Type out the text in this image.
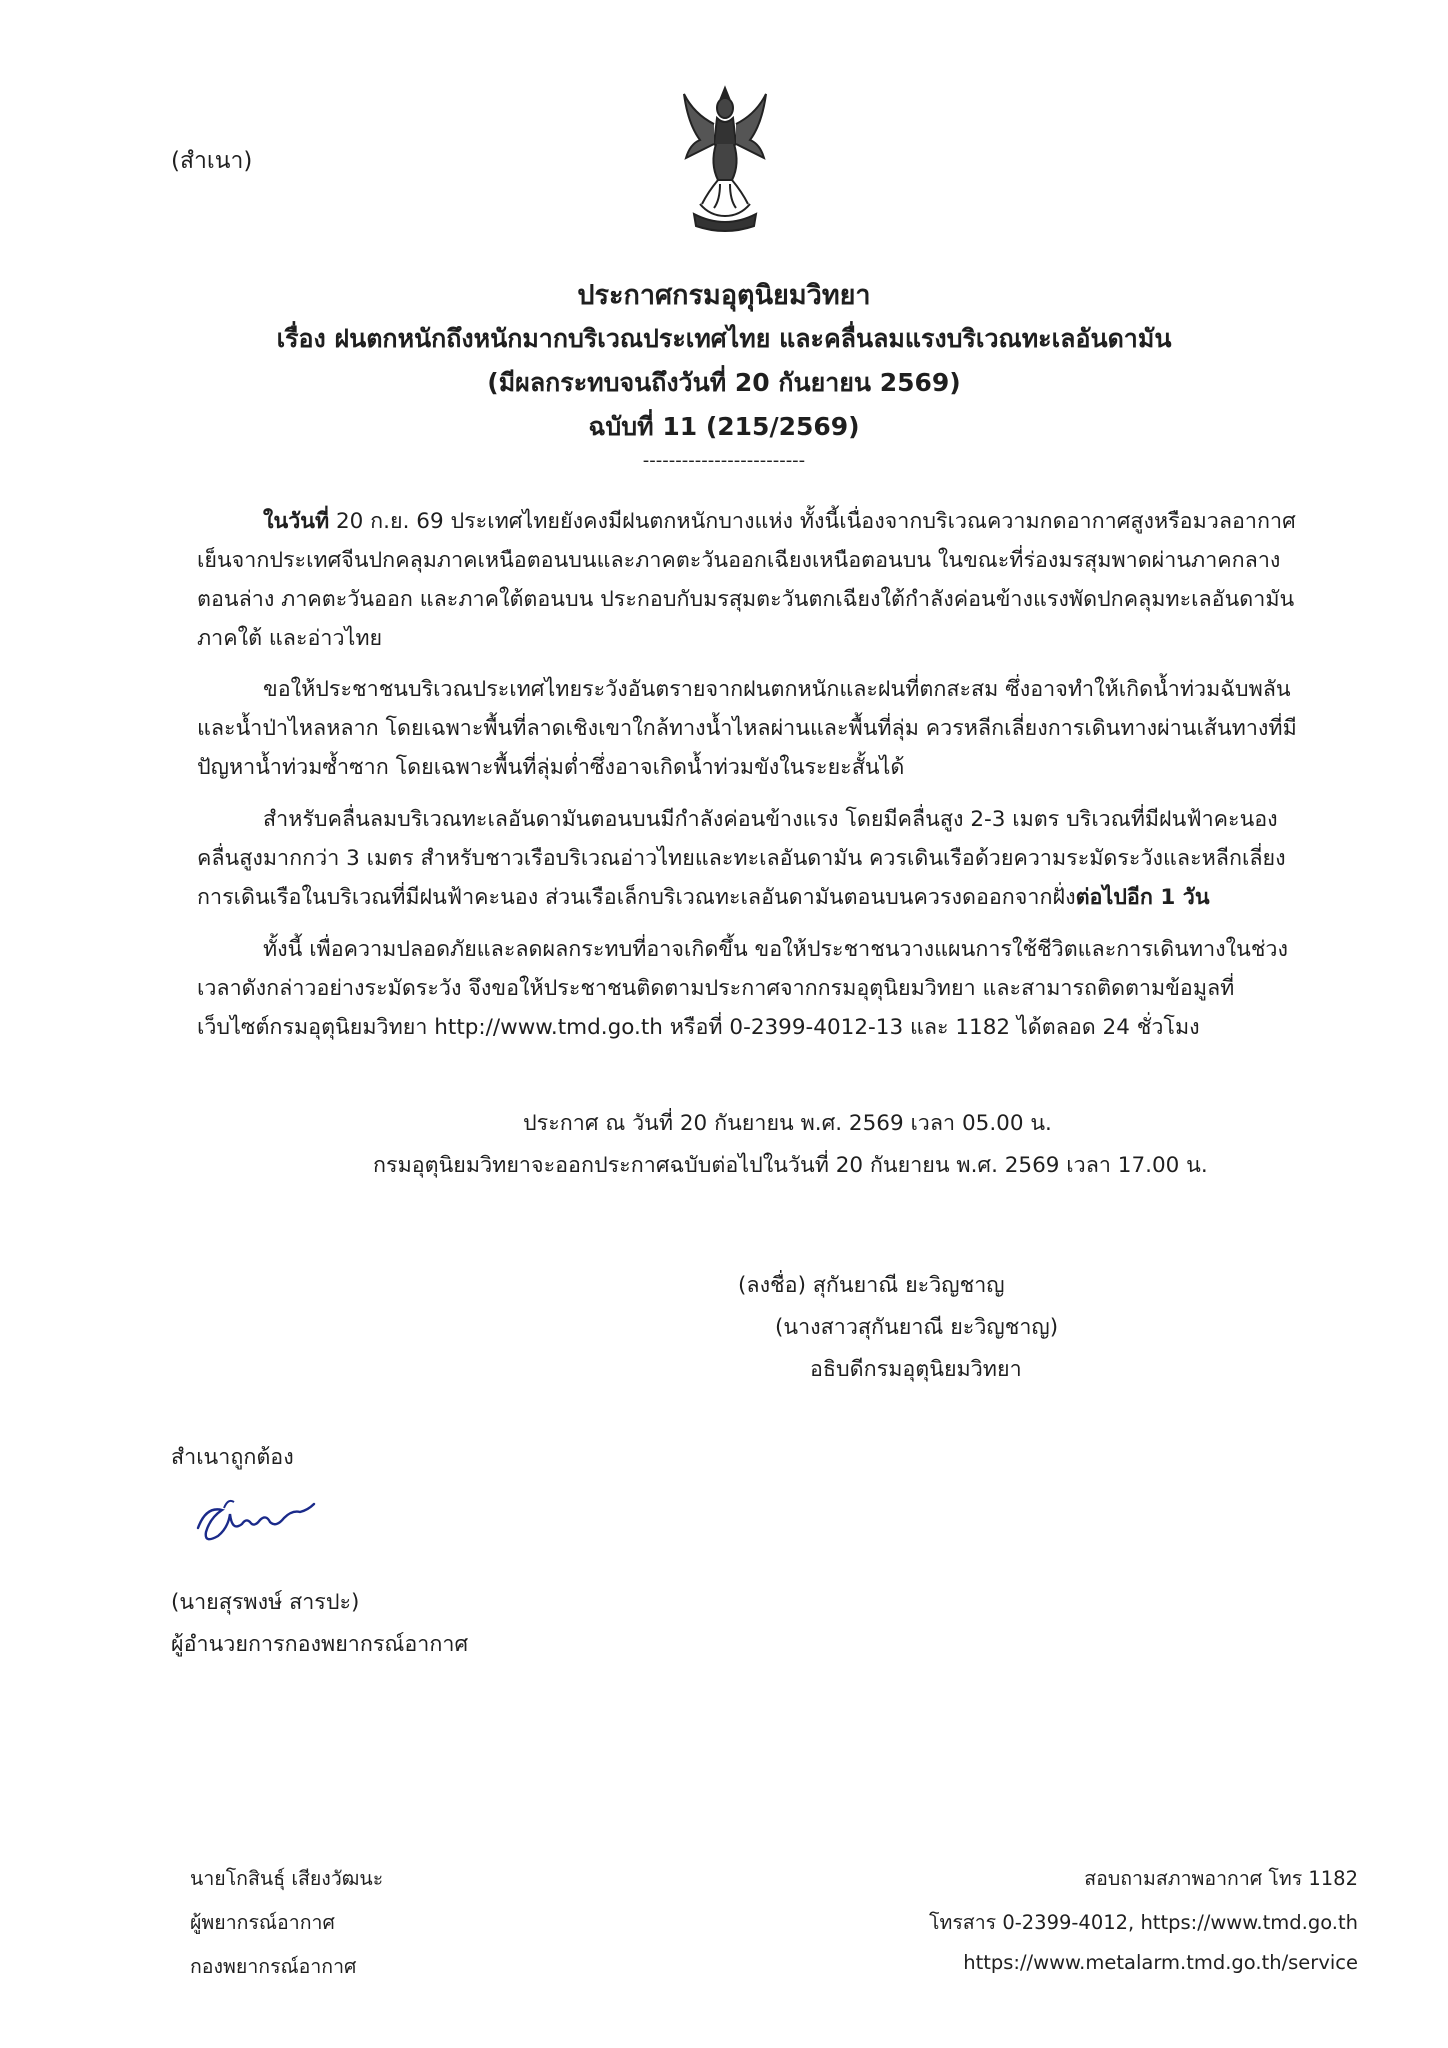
(สำเนา)
ประกาศกรมอุตุนิยมวิทยา
เรื่อง ฝนตกหนักถึงหนักมากบริเวณประเทศไทย และคลื่นลมแรงบริเวณทะเลอันดามัน
(มีผลกระทบจนถึงวันที่ 20 กันยายน 2569)
ฉบับที่ 11 (215/2569)
-------------------------

ในวันที่ 20 ก.ย. 69 ประเทศไทยยังคงมีฝนตกหนักบางแห่ง ทั้งนี้เนื่องจากบริเวณความกดอากาศสูงหรือมวลอากาศเย็นจากประเทศจีนปกคลุมภาคเหนือตอนบนและภาคตะวันออกเฉียงเหนือตอนบน ในขณะที่ร่องมรสุมพาดผ่านภาคกลางตอนล่าง ภาคตะวันออก และภาคใต้ตอนบน ประกอบกับมรสุมตะวันตกเฉียงใต้กำลังค่อนข้างแรงพัดปกคลุมทะเลอันดามัน ภาคใต้ และอ่าวไทย

ขอให้ประชาชนบริเวณประเทศไทยระวังอันตรายจากฝนตกหนักและฝนที่ตกสะสม ซึ่งอาจทำให้เกิดน้ำท่วมฉับพลันและน้ำป่าไหลหลาก โดยเฉพาะพื้นที่ลาดเชิงเขาใกล้ทางน้ำไหลผ่านและพื้นที่ลุ่ม ควรหลีกเลี่ยงการเดินทางผ่านเส้นทางที่มีปัญหาน้ำท่วมซ้ำซาก โดยเฉพาะพื้นที่ลุ่มต่ำซึ่งอาจเกิดน้ำท่วมขังในระยะสั้นได้

สำหรับคลื่นลมบริเวณทะเลอันดามันตอนบนมีกำลังค่อนข้างแรง โดยมีคลื่นสูง 2-3 เมตร บริเวณที่มีฝนฟ้าคะนองคลื่นสูงมากกว่า 3 เมตร สำหรับชาวเรือบริเวณอ่าวไทยและทะเลอันดามัน ควรเดินเรือด้วยความระมัดระวังและหลีกเลี่ยงการเดินเรือในบริเวณที่มีฝนฟ้าคะนอง ส่วนเรือเล็กบริเวณทะเลอันดามันตอนบนควรงดออกจากฝั่งต่อไปอีก 1 วัน

ทั้งนี้ เพื่อความปลอดภัยและลดผลกระทบที่อาจเกิดขึ้น ขอให้ประชาชนวางแผนการใช้ชีวิตและการเดินทางในช่วงเวลาดังกล่าวอย่างระมัดระวัง จึงขอให้ประชาชนติดตามประกาศจากกรมอุตุนิยมวิทยา และสามารถติดตามข้อมูลที่เว็บไซต์กรมอุตุนิยมวิทยา http://www.tmd.go.th หรือที่ 0-2399-4012-13 และ 1182 ได้ตลอด 24 ชั่วโมง

ประกาศ ณ วันที่ 20 กันยายน พ.ศ. 2569 เวลา 05.00 น.
กรมอุตุนิยมวิทยาจะออกประกาศฉบับต่อไปในวันที่ 20 กันยายน พ.ศ. 2569 เวลา 17.00 น.
(ลงชื่อ) สุกันยาณี ยะวิญชาญ
(นางสาวสุกันยาณี ยะวิญชาญ)
อธิบดีกรมอุตุนิยมวิทยา
สำเนาถูกต้อง
(นายสุรพงษ์ สารปะ)
ผู้อำนวยการกองพยากรณ์อากาศ
นายโกสินธุ์ เสียงวัฒนะ
ผู้พยากรณ์อากาศ
กองพยากรณ์อากาศ
สอบถามสภาพอากาศ โทร 1182
โทรสาร 0-2399-4012, https://www.tmd.go.th
https://www.metalarm.tmd.go.th/service
